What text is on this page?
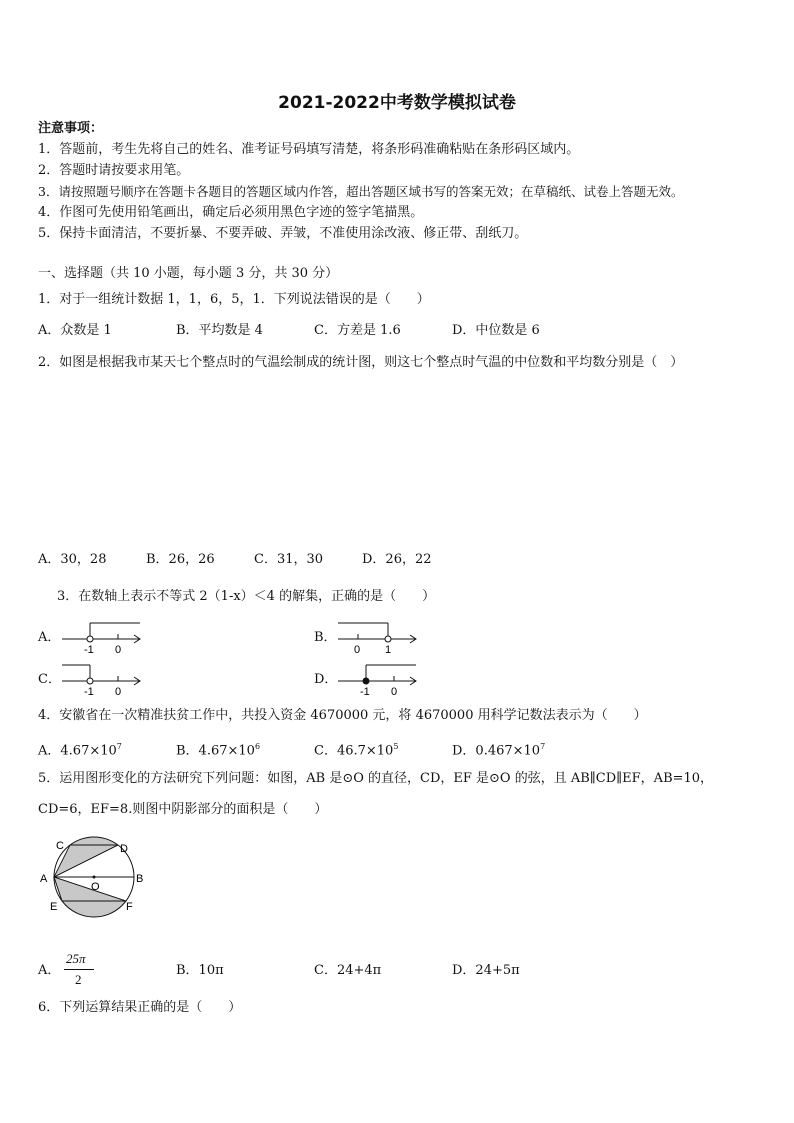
2021-2022中考数学模拟试卷
注意事项：
1．答题前，考生先将自己的姓名、准考证号码填写清楚，将条形码准确粘贴在条形码区域内。
2．答题时请按要求用笔。
3．请按照题号顺序在答题卡各题目的答题区域内作答，超出答题区域书写的答案无效；在草稿纸、试卷上答题无效。
4．作图可先使用铅笔画出，确定后必须用黑色字迹的签字笔描黑。
5．保持卡面清洁，不要折暴、不要弄破、弄皱，不准使用涂改液、修正带、刮纸刀。
一、选择题（共 10 小题，每小题 3 分，共 30 分）
1．对于一组统计数据 1，1，6，5，1．下列说法错误的是（　　）
A．众数是 1	B．平均数是 4	C．方差是 1.6	D．中位数是 6
2．如图是根据我市某天七个整点时的气温绘制成的统计图，则这七个整点时气温的中位数和平均数分别是（　）
A．30，28	B．26，26	C．31，30	D．26，22
3．在数轴上表示不等式 2（1-x）＜4 的解集，正确的是（　　）
A．
-1 0
B．
0 1
C．
-1 0
D．
-1 0
4．安徽省在一次精准扶贫工作中，共投入资金 4670000 元，将 4670000 用科学记数法表示为（　　）
A．$4.67\times 10^7$	B．$4.67\times 10^6$	C．$46.7\times 10^5$	D．$0.467\times 10^7$
5．运用图形变化的方法研究下列问题：如图，AB 是⊙O 的直径，CD，EF 是⊙O 的弦，且 AB∥CD∥EF，AB=10，
CD=6，EF=8.则图中阴影部分的面积是（　　）
C	D
A
O
B
E	F
A．
25π
2
B．10π	C．24+4π	D．24+5π
6．下列运算结果正确的是（　　）
